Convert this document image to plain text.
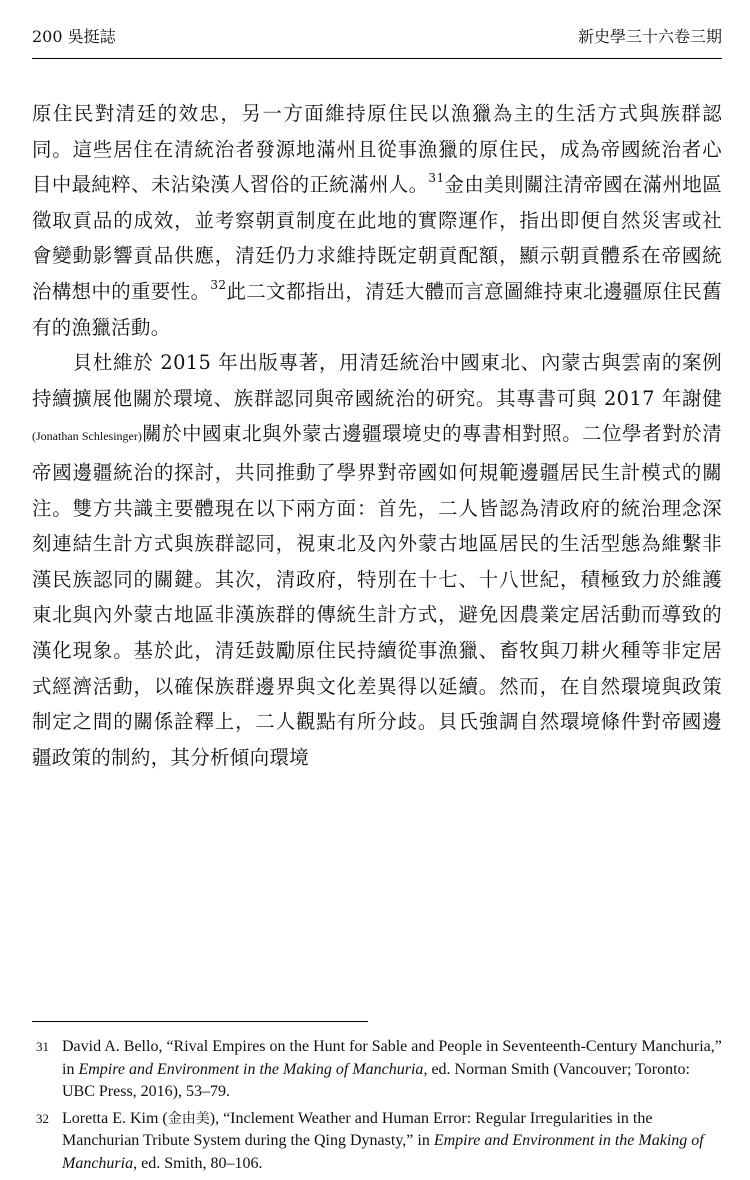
200 吳挺誌	新史學三十六卷三期

原住民對清廷的效忠，另一方面維持原住民以漁獵為主的生活方式與族群認同。這些居住在清統治者發源地滿州且從事漁獵的原住民，成為帝國統治者心目中最純粹、未沾染漢人習俗的正統滿州人。$^{31}$金由美則關注清帝國在滿州地區徵取貢品的成效，並考察朝貢制度在此地的實際運作，指出即便自然災害或社會變動影響貢品供應，清廷仍力求維持既定朝貢配額，顯示朝貢體系在帝國統治構想中的重要性。$^{32}$此二文都指出，清廷大體而言意圖維持東北邊疆原住民舊有的漁獵活動。

貝杜維於 2015 年出版專著，用清廷統治中國東北、內蒙古與雲南的案例持續擴展他關於環境、族群認同與帝國統治的研究。其專書可與 2017 年謝健(Jonathan Schlesinger)關於中國東北與外蒙古邊疆環境史的專書相對照。二位學者對於清帝國邊疆統治的探討，共同推動了學界對帝國如何規範邊疆居民生計模式的關注。雙方共識主要體現在以下兩方面：首先，二人皆認為清政府的統治理念深刻連結生計方式與族群認同，視東北及內外蒙古地區居民的生活型態為維繫非漢民族認同的關鍵。其次，清政府，特別在十七、十八世紀，積極致力於維護東北與內外蒙古地區非漢族群的傳統生計方式，避免因農業定居活動而導致的漢化現象。基於此，清廷鼓勵原住民持續從事漁獵、畜牧與刀耕火種等非定居式經濟活動，以確保族群邊界與文化差異得以延續。然而，在自然環境與政策制定之間的關係詮釋上，二人觀點有所分歧。貝氏強調自然環境條件對帝國邊疆政策的制約，其分析傾向環境

31 David A. Bello, “Rival Empires on the Hunt for Sable and People in Seventeenth-Century Manchuria,” in Empire and Environment in the Making of Manchuria, ed. Norman Smith (Vancouver; Toronto: UBC Press, 2016), 53–79.
32 Loretta E. Kim (金由美), “Inclement Weather and Human Error: Regular Irregularities in the Manchurian Tribute System during the Qing Dynasty,” in Empire and Environment in the Making of Manchuria, ed. Smith, 80–106.
